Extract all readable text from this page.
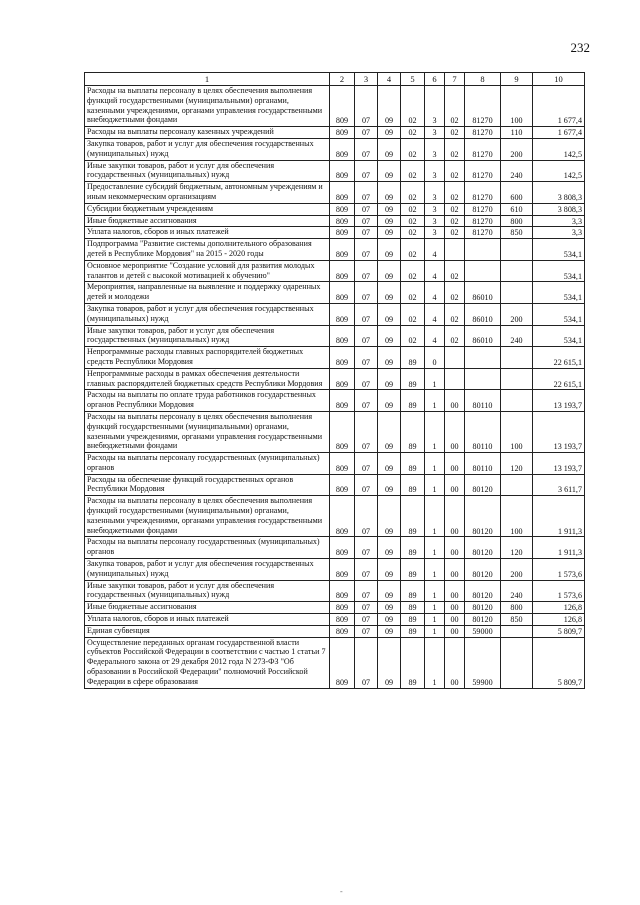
232
1	2	3	4	5	6	7	8	9	10
Расходы на выплаты персоналу в целях обеспечения выполнения функций государственными (муниципальными) органами, казенными учреждениями, органами управления государственными внебюджетными фондами	809	07	09	02	3	02	81270	100	1 677,4
Расходы на выплаты персоналу казенных учреждений	809	07	09	02	3	02	81270	110	1 677,4
Закупка товаров, работ и услуг для обеспечения государственных (муниципальных) нужд	809	07	09	02	3	02	81270	200	142,5
Иные закупки товаров, работ и услуг для обеспечения государственных (муниципальных) нужд	809	07	09	02	3	02	81270	240	142,5
Предоставление субсидий бюджетным, автономным учреждениям и иным некоммерческим организациям	809	07	09	02	3	02	81270	600	3 808,3
Субсидии бюджетным учреждениям	809	07	09	02	3	02	81270	610	3 808,3
Иные бюджетные ассигнования	809	07	09	02	3	02	81270	800	3,3
Уплата налогов, сборов и иных платежей	809	07	09	02	3	02	81270	850	3,3
Подпрограмма "Развитие системы дополнительного образования детей в Республике Мордовия" на 2015 - 2020 годы	809	07	09	02	4				534,1
Основное мероприятие "Создание условий для развития молодых талантов и детей с высокой мотивацией к обучению"	809	07	09	02	4	02			534,1
Мероприятия, направленные на выявление и поддержку одаренных детей и молодежи	809	07	09	02	4	02	86010		534,1
Закупка товаров, работ и услуг для обеспечения государственных (муниципальных) нужд	809	07	09	02	4	02	86010	200	534,1
Иные закупки товаров, работ и услуг для обеспечения государственных (муниципальных) нужд	809	07	09	02	4	02	86010	240	534,1
Непрограммные расходы главных распорядителей бюджетных средств Республики Мордовия	809	07	09	89	0				22 615,1
Непрограммные расходы в рамках обеспечения деятельности главных распорядителей бюджетных средств Республики Мордовия	809	07	09	89	1				22 615,1
Расходы на выплаты по оплате труда работников государственных органов Республики Мордовия	809	07	09	89	1	00	80110		13 193,7
Расходы на выплаты персоналу в целях обеспечения выполнения функций государственными (муниципальными) органами, казенными учреждениями, органами управления государственными внебюджетными фондами	809	07	09	89	1	00	80110	100	13 193,7
Расходы на выплаты персоналу государственных (муниципальных) органов	809	07	09	89	1	00	80110	120	13 193,7
Расходы на обеспечение функций государственных органов Республики Мордовия	809	07	09	89	1	00	80120		3 611,7
Расходы на выплаты персоналу в целях обеспечения выполнения функций государственными (муниципальными) органами, казенными учреждениями, органами управления государственными внебюджетными фондами	809	07	09	89	1	00	80120	100	1 911,3
Расходы на выплаты персоналу государственных (муниципальных) органов	809	07	09	89	1	00	80120	120	1 911,3
Закупка товаров, работ и услуг для обеспечения государственных (муниципальных) нужд	809	07	09	89	1	00	80120	200	1 573,6
Иные закупки товаров, работ и услуг для обеспечения государственных (муниципальных) нужд	809	07	09	89	1	00	80120	240	1 573,6
Иные бюджетные ассигнования	809	07	09	89	1	00	80120	800	126,8
Уплата налогов, сборов и иных платежей	809	07	09	89	1	00	80120	850	126,8
Единая субвенция	809	07	09	89	1	00	59000		5 809,7
Осуществление переданных органам государственной власти субъектов Российской Федерации в соответствии с частью 1 статьи 7 Федерального закона от 29 декабря 2012 года N 273-ФЗ "Об образовании в Российской Федерации" полномочий Российской Федерации в сфере образования	809	07	09	89	1	00	59900		5 809,7
-
